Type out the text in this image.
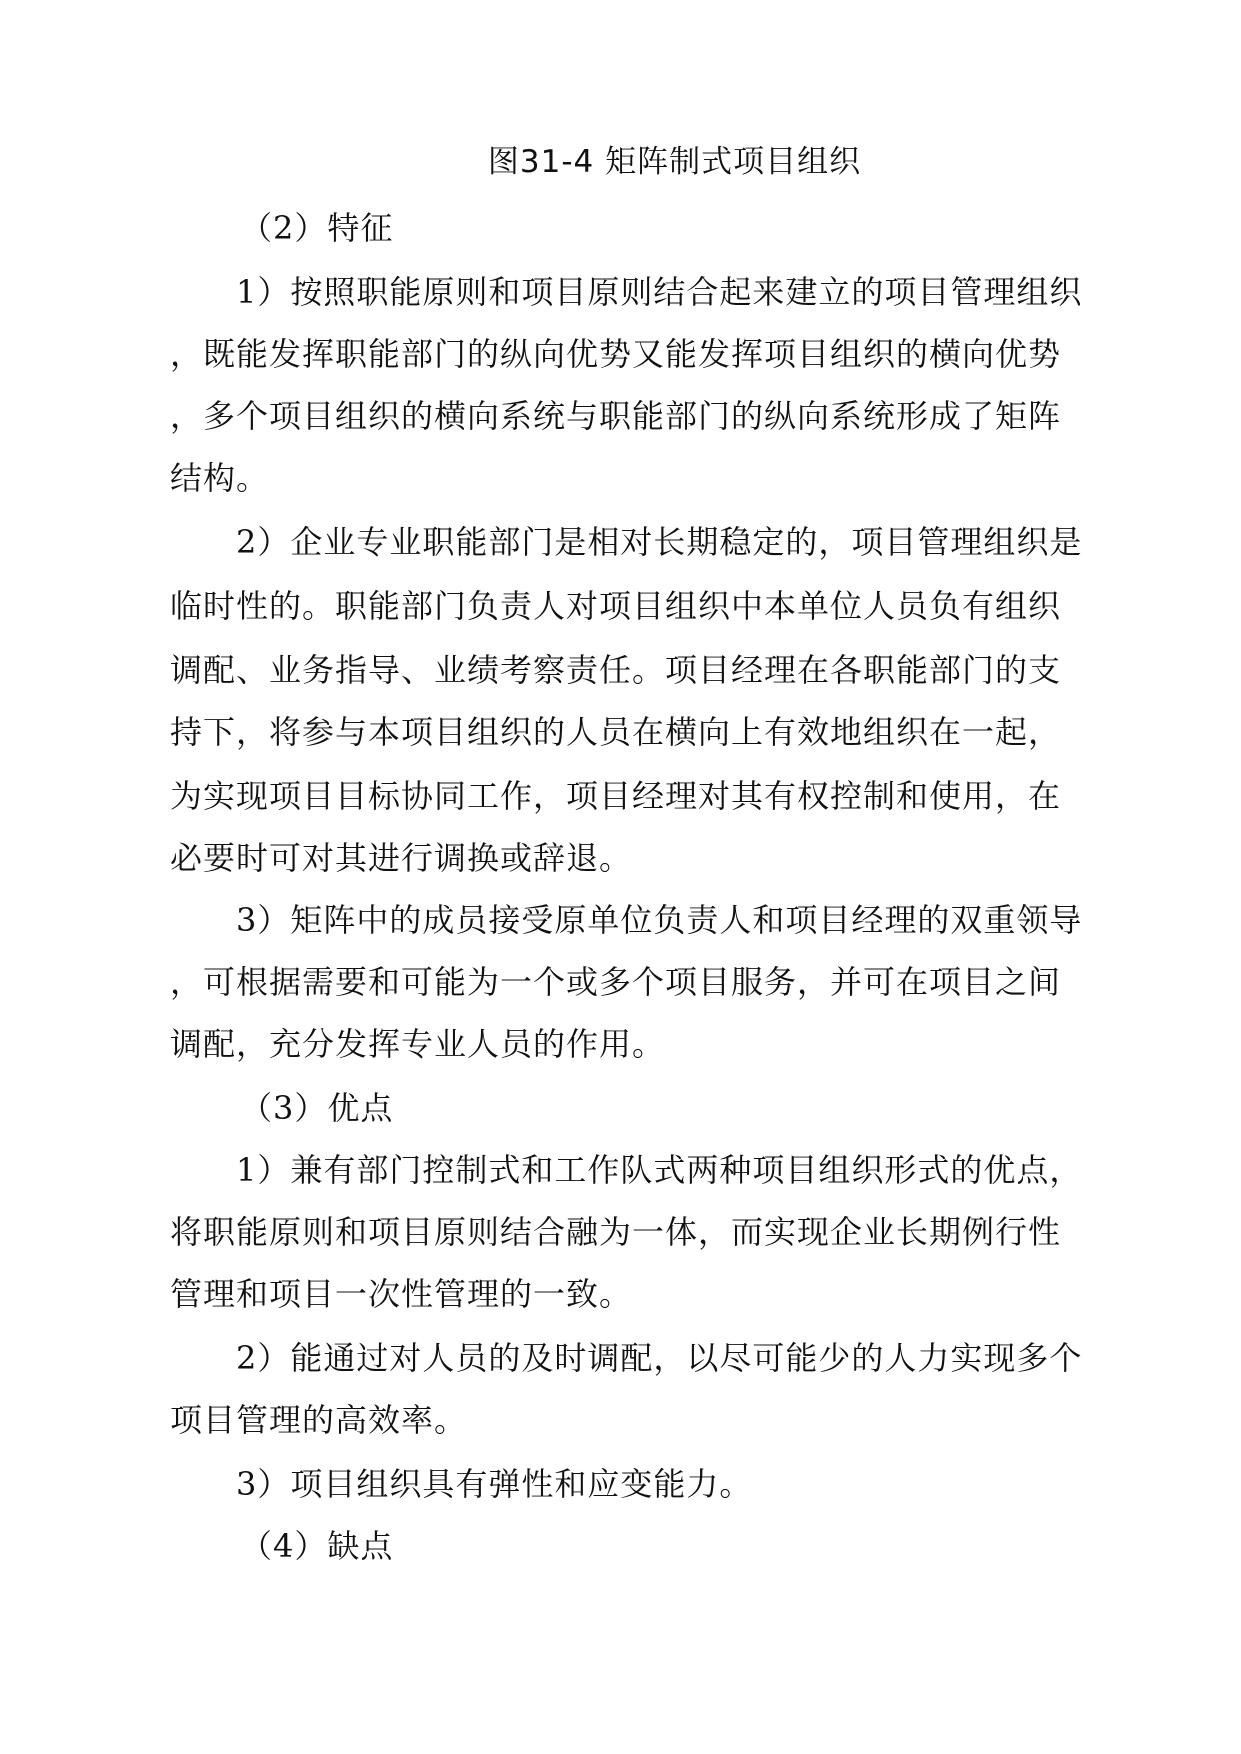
图31-4 矩阵制式项目组织
（2）特征
1）按照职能原则和项目原则结合起来建立的项目管理组织
，既能发挥职能部门的纵向优势又能发挥项目组织的横向优势
，多个项目组织的横向系统与职能部门的纵向系统形成了矩阵
结构。
2）企业专业职能部门是相对长期稳定的，项目管理组织是
临时性的。职能部门负责人对项目组织中本单位人员负有组织
调配、业务指导、业绩考察责任。项目经理在各职能部门的支
持下，将参与本项目组织的人员在横向上有效地组织在一起，
为实现项目目标协同工作，项目经理对其有权控制和使用，在
必要时可对其进行调换或辞退。
3）矩阵中的成员接受原单位负责人和项目经理的双重领导
，可根据需要和可能为一个或多个项目服务，并可在项目之间
调配，充分发挥专业人员的作用。
（3）优点
1）兼有部门控制式和工作队式两种项目组织形式的优点，
将职能原则和项目原则结合融为一体，而实现企业长期例行性
管理和项目一次性管理的一致。
2）能通过对人员的及时调配，以尽可能少的人力实现多个
项目管理的高效率。
3）项目组织具有弹性和应变能力。
（4）缺点
